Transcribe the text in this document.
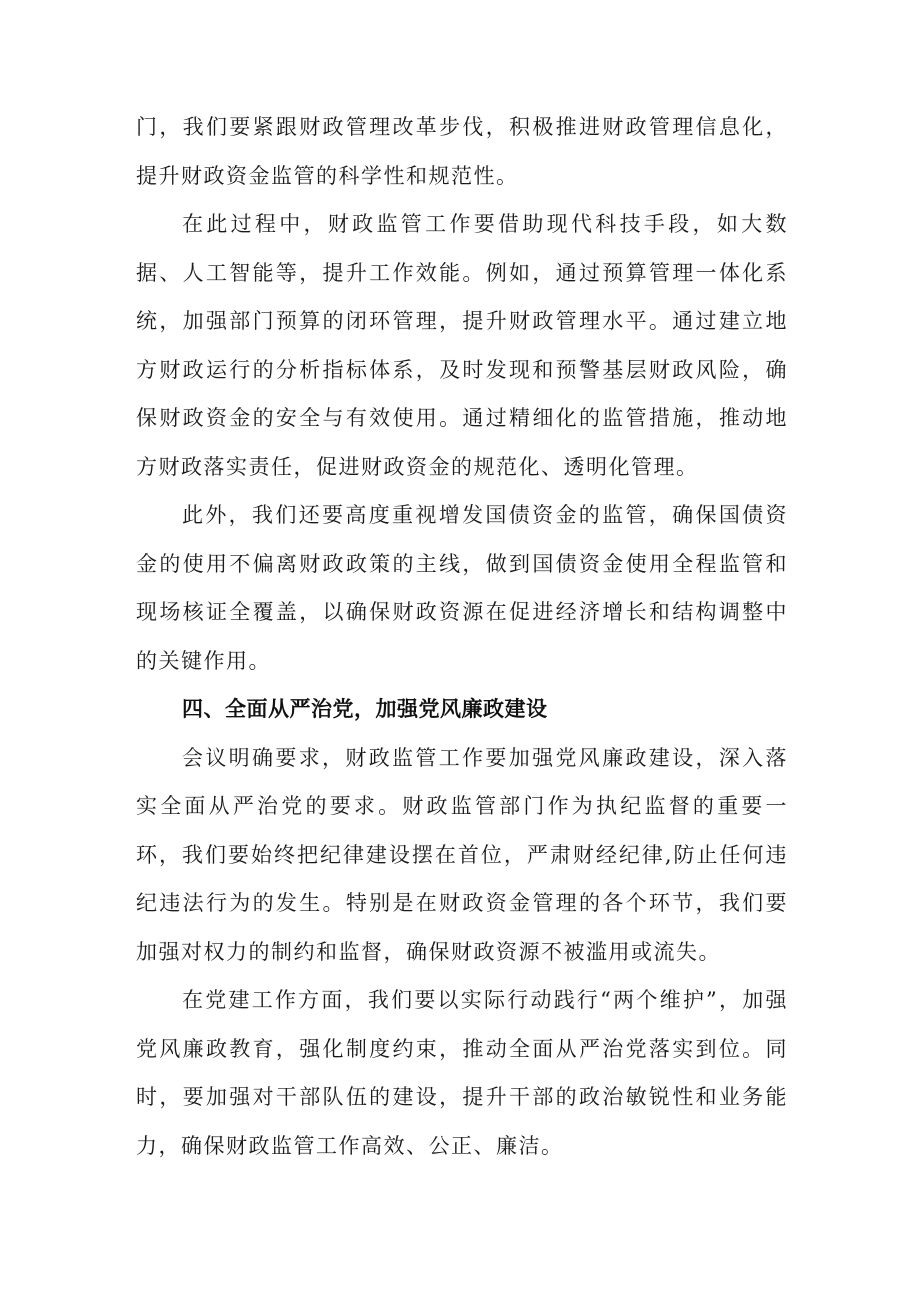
门，我们要紧跟财政管理改革步伐，积极推进财政管理信息化，提升财政资金监管的科学性和规范性。

在此过程中，财政监管工作要借助现代科技手段，如大数据、人工智能等，提升工作效能。例如，通过预算管理一体化系统，加强部门预算的闭环管理，提升财政管理水平。通过建立地方财政运行的分析指标体系，及时发现和预警基层财政风险，确保财政资金的安全与有效使用。通过精细化的监管措施，推动地方财政落实责任，促进财政资金的规范化、透明化管理。

此外，我们还要高度重视增发国债资金的监管，确保国债资金的使用不偏离财政政策的主线，做到国债资金使用全程监管和现场核证全覆盖，以确保财政资源在促进经济增长和结构调整中的关键作用。

四、全面从严治党，加强党风廉政建设

会议明确要求，财政监管工作要加强党风廉政建设，深入落实全面从严治党的要求。财政监管部门作为执纪监督的重要一环，我们要始终把纪律建设摆在首位，严肃财经纪律,防止任何违纪违法行为的发生。特别是在财政资金管理的各个环节，我们要加强对权力的制约和监督，确保财政资源不被滥用或流失。

在党建工作方面，我们要以实际行动践行“两个维护”，加强党风廉政教育，强化制度约束，推动全面从严治党落实到位。同时，要加强对干部队伍的建设，提升干部的政治敏锐性和业务能力，确保财政监管工作高效、公正、廉洁。
